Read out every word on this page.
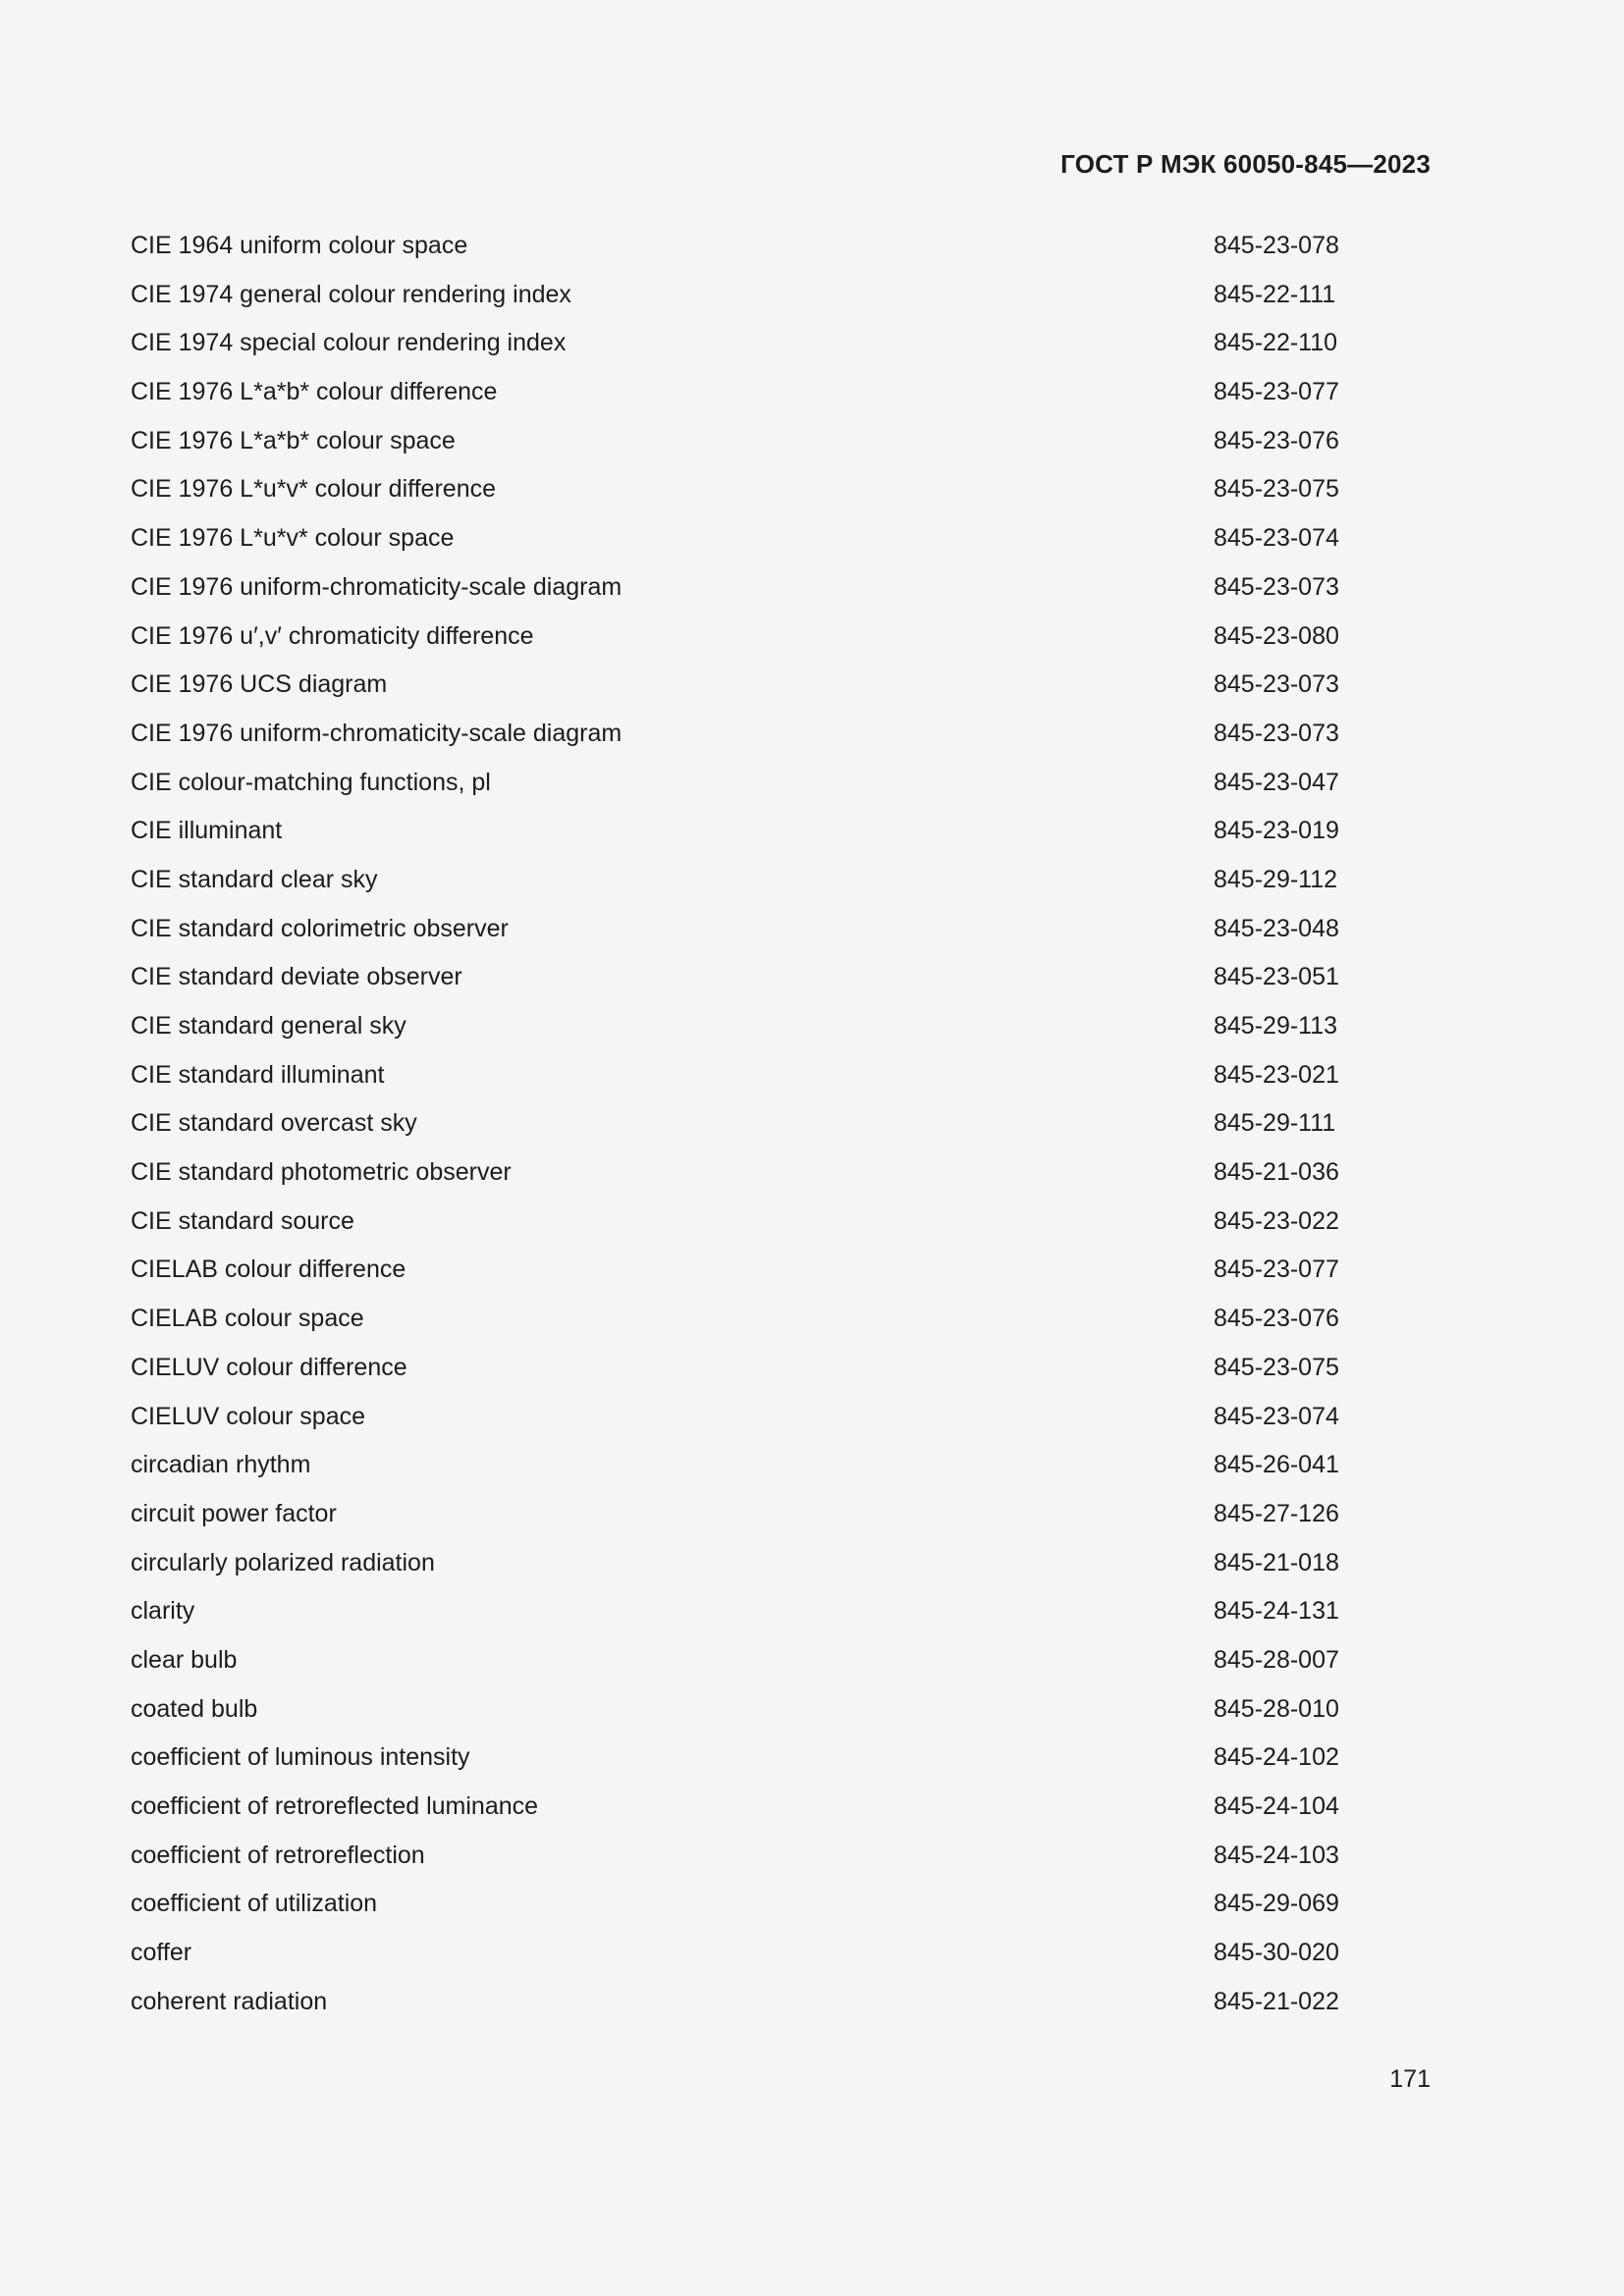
ГОСТ Р МЭК 60050-845—2023
CIE 1964 uniform colour space	845-23-078
CIE 1974 general colour rendering index	845-22-111
CIE 1974 special colour rendering index	845-22-110
CIE 1976 L*a*b* colour difference	845-23-077
CIE 1976 L*a*b* colour space	845-23-076
CIE 1976 L*u*v* colour difference	845-23-075
CIE 1976 L*u*v* colour space	845-23-074
CIE 1976 uniform-chromaticity-scale diagram	845-23-073
CIE 1976 u′,v′ chromaticity difference	845-23-080
CIE 1976 UCS diagram	845-23-073
CIE 1976 uniform-chromaticity-scale diagram	845-23-073
CIE colour-matching functions, pl	845-23-047
CIE illuminant	845-23-019
CIE standard clear sky	845-29-112
CIE standard colorimetric observer	845-23-048
CIE standard deviate observer	845-23-051
CIE standard general sky	845-29-113
CIE standard illuminant	845-23-021
CIE standard overcast sky	845-29-111
CIE standard photometric observer	845-21-036
CIE standard source	845-23-022
CIELAB colour difference	845-23-077
CIELAB colour space	845-23-076
CIELUV colour difference	845-23-075
CIELUV colour space	845-23-074
circadian rhythm	845-26-041
circuit power factor	845-27-126
circularly polarized radiation	845-21-018
clarity	845-24-131
clear bulb	845-28-007
coated bulb	845-28-010
coefficient of luminous intensity	845-24-102
coefficient of retroreflected luminance	845-24-104
coefficient of retroreflection	845-24-103
coefficient of utilization	845-29-069
coffer	845-30-020
coherent radiation	845-21-022
171
